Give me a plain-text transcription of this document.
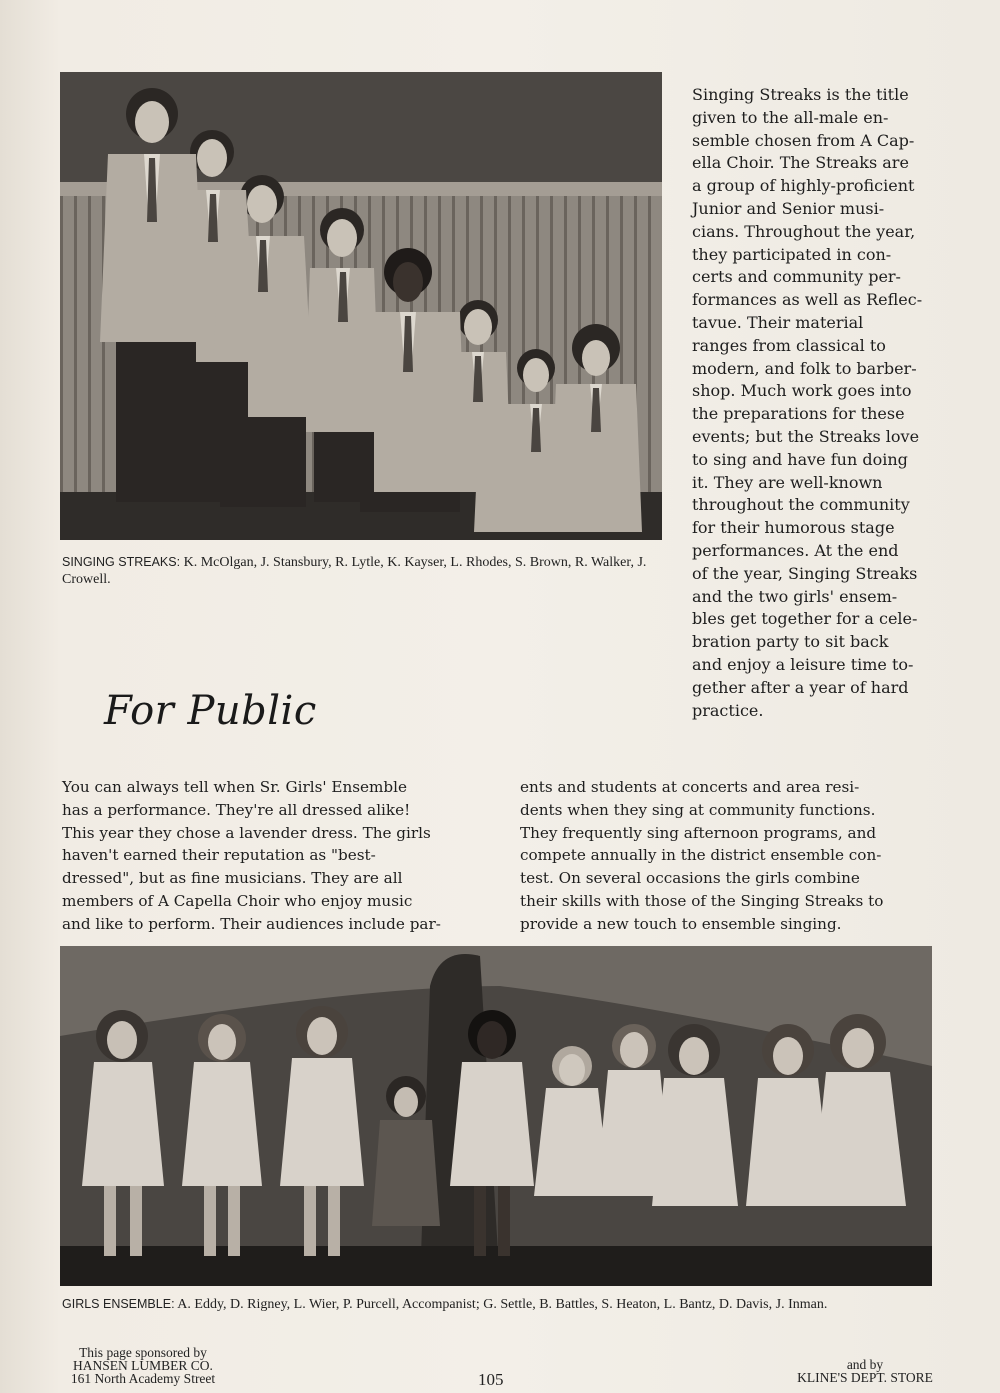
SINGING STREAKS: K. McOlgan, J. Stansbury, R. Lytle, K. Kayser, L. Rhodes, S. Brown, R. Walker, J. Crowell.
Singing Streaks is the title
given to the all-male en-
semble chosen from A Cap-
ella Choir. The Streaks are
a group of highly-proficient
Junior and Senior musi-
cians. Throughout the year,
they participated in con-
certs and community per-
formances as well as Reflec-
tavue. Their material
ranges from classical to
modern, and folk to barber-
shop. Much work goes into
the preparations for these
events; but the Streaks love
to sing and have fun doing
it. They are well-known
throughout the community
for their humorous stage
performances. At the end
of the year, Singing Streaks
and the two girls' ensem-
bles get together for a cele-
bration party to sit back
and enjoy a leisure time to-
gether after a year of hard
practice.
For Public
You can always tell when Sr. Girls' Ensemble
has a performance. They're all dressed alike!
This year they chose a lavender dress. The girls
haven't earned their reputation as "best-
dressed", but as fine musicians. They are all
members of A Capella Choir who enjoy music
and like to perform. Their audiences include par-
ents and students at concerts and area resi-
dents when they sing at community functions.
They frequently sing afternoon programs, and
compete annually in the district ensemble con-
test. On several occasions the girls combine
their skills with those of the Singing Streaks to
provide a new touch to ensemble singing.
GIRLS ENSEMBLE: A. Eddy, D. Rigney, L. Wier, P. Purcell, Accompanist; G. Settle, B. Battles, S. Heaton, L. Bantz, D. Davis, J. Inman.
This page sponsored by
HANSEN LUMBER CO.
161 North Academy Street	105
and by
KLINE'S DEPT. STORE
